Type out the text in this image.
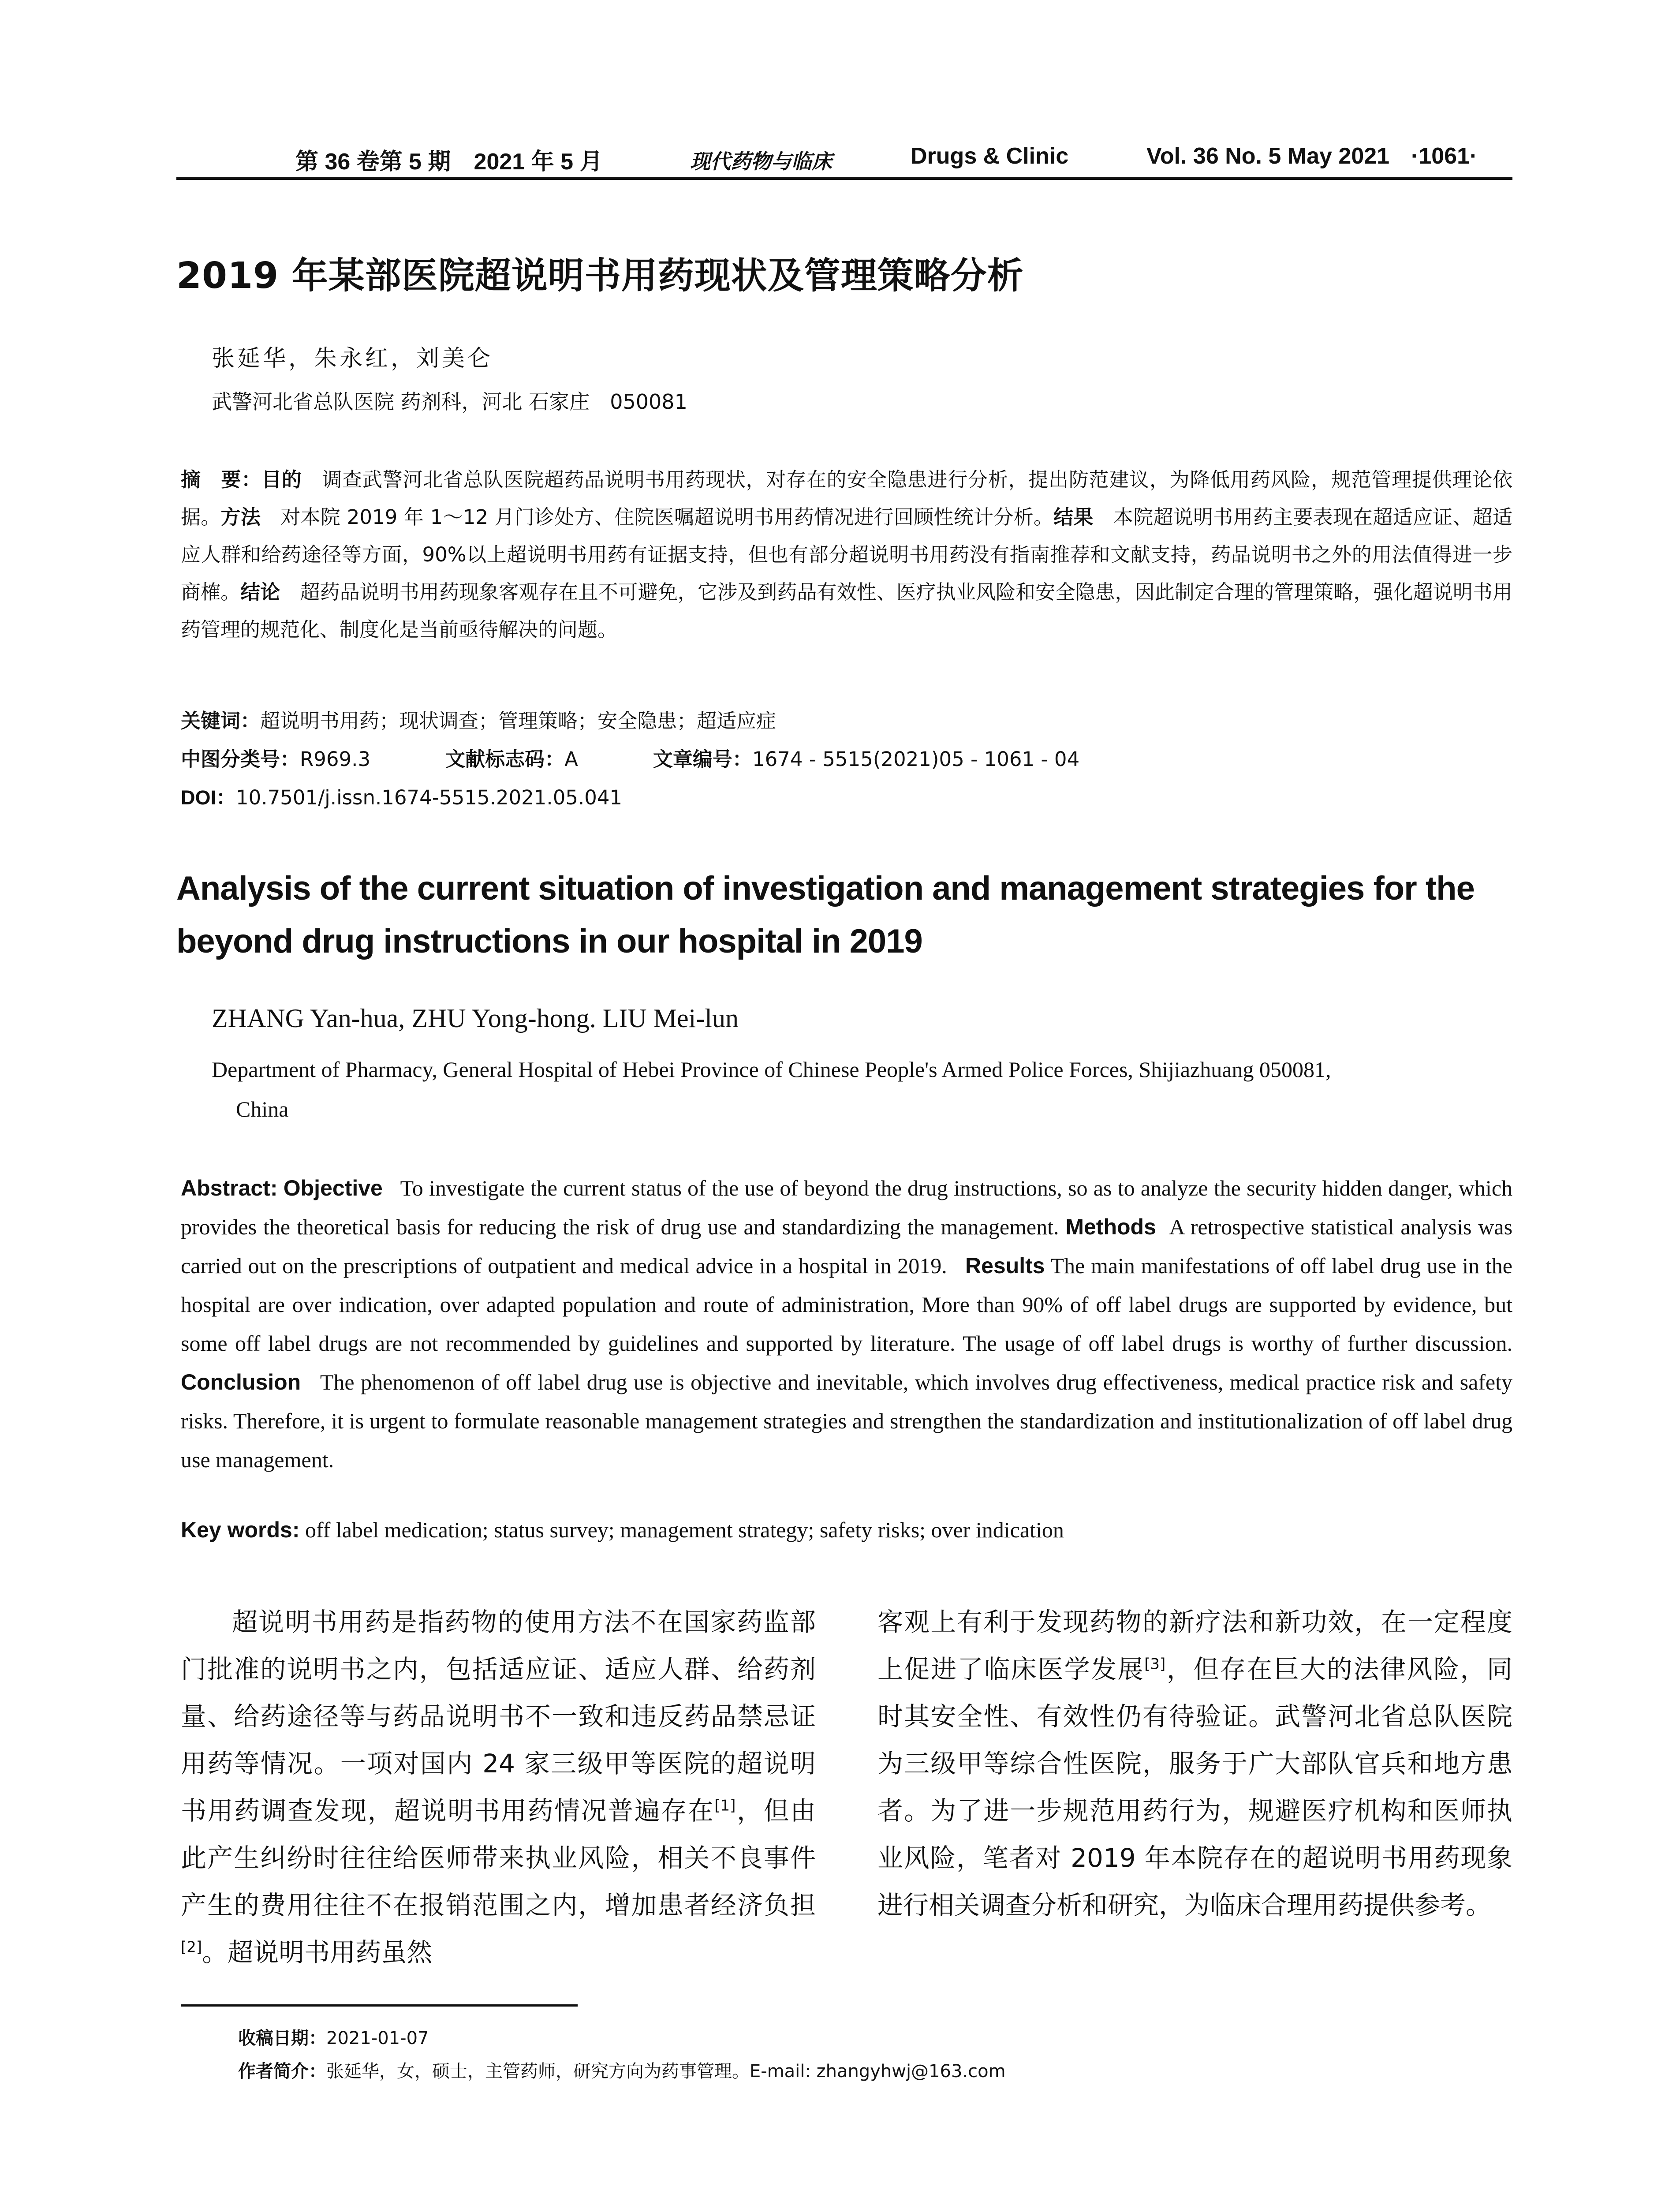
第 36 卷第 5 期　2021 年 5 月	现代药物与临床	Drugs & Clinic	Vol. 36 No. 5 May 2021 ·1061·
2019 年某部医院超说明书用药现状及管理策略分析
张延华，朱永红，刘美仑
武警河北省总队医院 药剂科，河北 石家庄　050081
摘　要：目的　调查武警河北省总队医院超药品说明书用药现状，对存在的安全隐患进行分析，提出防范建议，为降低用药风险，规范管理提供理论依据。方法　对本院 2019 年 1～12 月门诊处方、住院医嘱超说明书用药情况进行回顾性统计分析。结果　本院超说明书用药主要表现在超适应证、超适应人群和给药途径等方面，90%以上超说明书用药有证据支持，但也有部分超说明书用药没有指南推荐和文献支持，药品说明书之外的用法值得进一步商榷。结论　超药品说明书用药现象客观存在且不可避免，它涉及到药品有效性、医疗执业风险和安全隐患，因此制定合理的管理策略，强化超说明书用药管理的规范化、制度化是当前亟待解决的问题。
关键词：超说明书用药；现状调查；管理策略；安全隐患；超适应症
中图分类号：R969.3	文献标志码：A	文章编号：1674 - 5515(2021)05 - 1061 - 04
DOI：10.7501/j.issn.1674-5515.2021.05.041
Analysis of the current situation of investigation and management strategies for the beyond drug instructions in our hospital in 2019
ZHANG Yan-hua, ZHU Yong-hong. LIU Mei-lun
Department of Pharmacy, General Hospital of Hebei Province of Chinese People's Armed Police Forces, Shijiazhuang 050081,
China
Abstract: Objective To investigate the current status of the use of beyond the drug instructions, so as to analyze the security hidden danger, which provides the theoretical basis for reducing the risk of drug use and standardizing the management. Methods A retrospective statistical analysis was carried out on the prescriptions of outpatient and medical advice in a hospital in 2019. Results The main manifestations of off label drug use in the hospital are over indication, over adapted population and route of administration, More than 90% of off label drugs are supported by evidence, but some off label drugs are not recommended by guidelines and supported by literature. The usage of off label drugs is worthy of further discussion. Conclusion The phenomenon of off label drug use is objective and inevitable, which involves drug effectiveness, medical practice risk and safety risks. Therefore, it is urgent to formulate reasonable management strategies and strengthen the standardization and institutionalization of off label drug use management.
Key words: off label medication; status survey; management strategy; safety risks; over indication
超说明书用药是指药物的使用方法不在国家药监部门批准的说明书之内，包括适应证、适应人群、给药剂量、给药途径等与药品说明书不一致和违反药品禁忌证用药等情况。一项对国内 24 家三级甲等医院的超说明书用药调查发现，超说明书用药情况普遍存在[1]，但由此产生纠纷时往往给医师带来执业风险，相关不良事件产生的费用往往不在报销范围之内，增加患者经济负担[2]。超说明书用药虽然
客观上有利于发现药物的新疗法和新功效，在一定程度上促进了临床医学发展[3]，但存在巨大的法律风险，同时其安全性、有效性仍有待验证。武警河北省总队医院为三级甲等综合性医院，服务于广大部队官兵和地方患者。为了进一步规范用药行为，规避医疗机构和医师执业风险，笔者对 2019 年本院存在的超说明书用药现象进行相关调查分析和研究，为临床合理用药提供参考。
收稿日期：2021-01-07
作者简介：张延华，女，硕士，主管药师，研究方向为药事管理。E-mail: zhangyhwj@163.com
